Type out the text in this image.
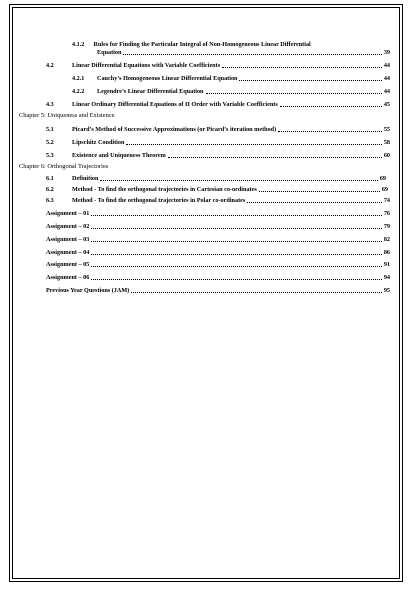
4.1.2 Rules for Finding the Particular Integral of Non-Homogeneous Linear Differential
Equation	39
4.2	Linear Differential Equations with Variable Coefficients	44
4.2.1	Cauchy’s Homogeneous Linear Differential Equation	44
4.2.2	Legendre’s Linear Differential Equation	44
4.3	Linear Ordinary Differential Equations of II Order with Variable Coefficients	45
Chapter 5: Uniqueness and Existence
5.1	Picard’s Method of Successive Approximations (or Picard’s iteration method)	55
5.2	Lipschitz Condition	58
5.3	Existence and Uniqueness Theorem	60
Chapter 6: Orthogonal Trajectories
6.1	Definition	69
6.2	Method - To find the orthogonal trajectories in Cartesian co-ordinates	69
6.3	Method - To find the orthogonal trajectories in Polar co-ordinates	74
Assignment – 01	76
Assignment – 02	79
Assignment – 03	82
Assignment – 04	86
Assignment – 05	91
Assignment – 06	94
Previous Year Questions (JAM)	95
